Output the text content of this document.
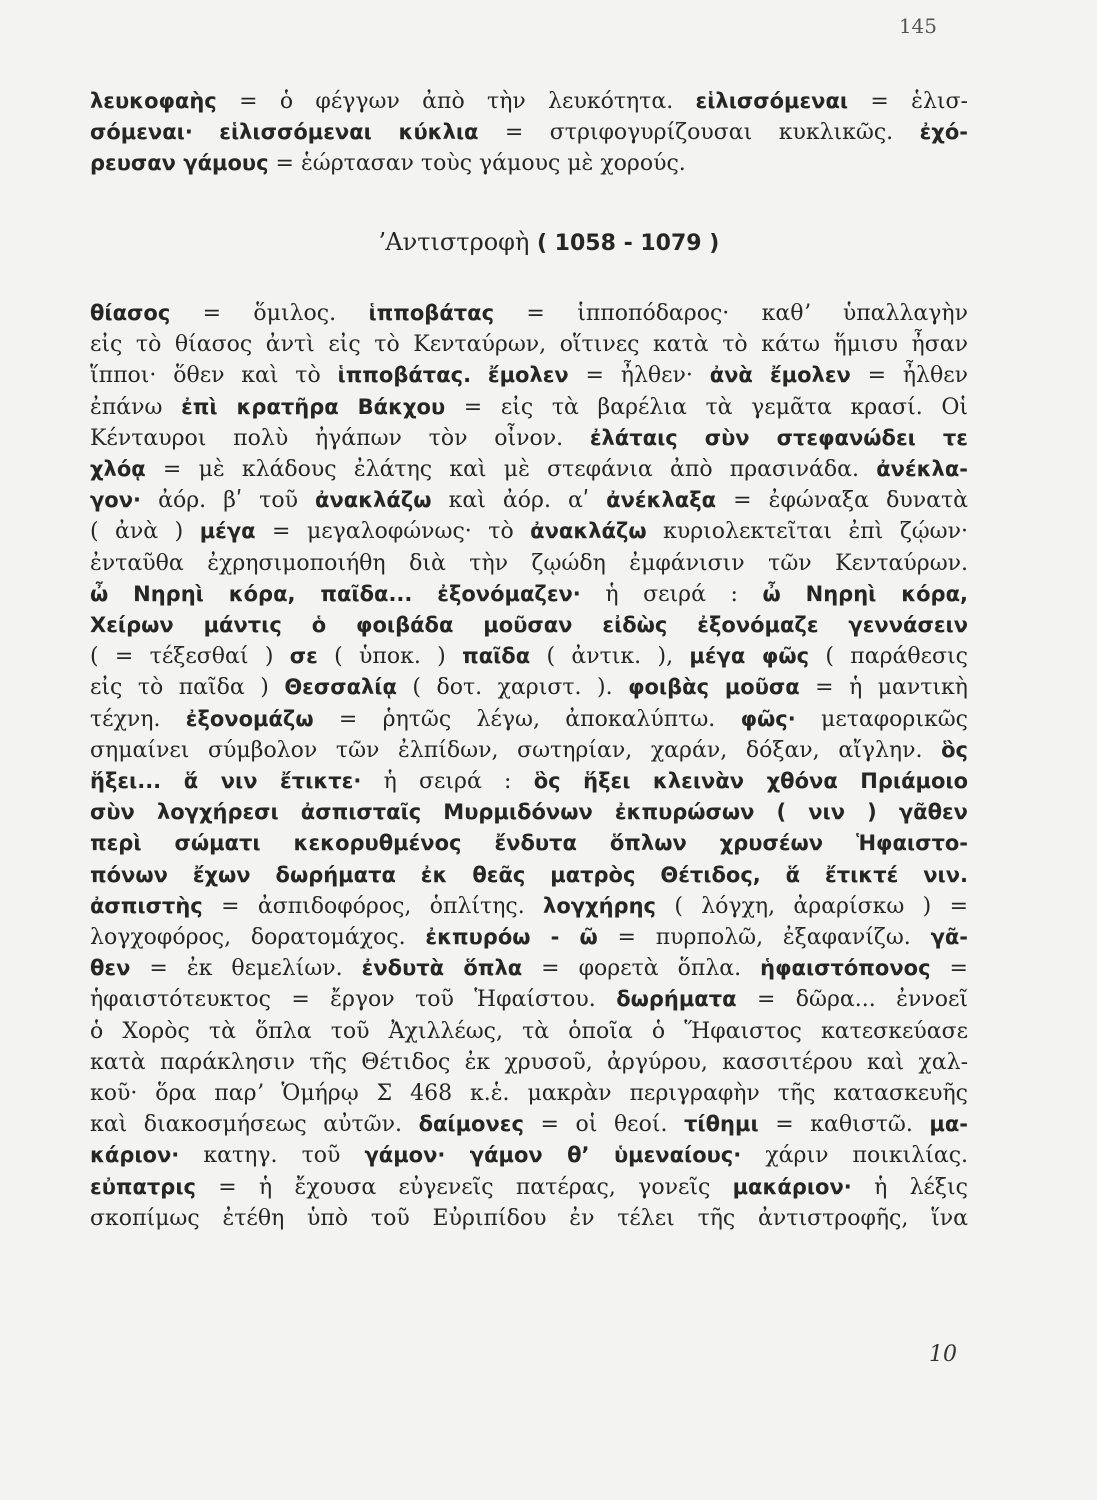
145
λευκοφαὴς = ὁ φέγγων ἀπὸ τὴν λευκότητα. εἱλισσόμεναι = ἑλισ-
σόμεναι· εἱλισσόμεναι κύκλια = στριφογυρίζουσαι κυκλικῶς. ἐχό-
ρευσαν γάμους = ἑώρτασαν τοὺς γάμους μὲ χορούς.
ʼΑντιστροφὴ ( 1058 - 1079 )
θίασος = ὅμιλος. ἱπποβάτας = ἱπποπόδαρος· καθʼ ὑπαλλαγὴν
εἰς τὸ θίασος ἀντὶ εἰς τὸ Κενταύρων, οἵτινες κατὰ τὸ κάτω ἥμισυ ἦσαν
ἵπποι· ὅθεν καὶ τὸ ἱπποβάτας. ἔμολεν = ἦλθεν· ἀνὰ ἔμολεν = ἦλθεν
ἐπάνω ἐπὶ κρατῆρα Βάκχου = εἰς τὰ βαρέλια τὰ γεμᾶτα κρασί. Οἱ
Κένταυροι πολὺ ἠγάπων τὸν οἶνον. ἐλάταις σὺν στεφανώδει τε
χλόᾳ = μὲ κλάδους ἐλάτης καὶ μὲ στεφάνια ἀπὸ πρασινάδα. ἀνέκλα-
γον· ἀόρ. βʹ τοῦ ἀνακλάζω καὶ ἀόρ. αʹ ἀνέκλαξα = ἐφώναξα δυνατὰ
( ἀνὰ ) μέγα = μεγαλοφώνως· τὸ ἀνακλάζω κυριολεκτεῖται ἐπὶ ζῴων·
ἐνταῦθα ἐχρησιμοποιήθη διὰ τὴν ζῳώδη ἐμφάνισιν τῶν Κενταύρων.
ὦ Νηρηὶ κόρα, παῖδα... ἐξονόμαζεν· ἡ σειρά : ὦ Νηρηὶ κόρα,
Χείρων μάντις ὁ φοιβάδα μοῦσαν εἰδὼς ἐξονόμαζε γεννάσειν
( = τέξεσθαί ) σε ( ὑποκ. ) παῖδα ( ἀντικ. ), μέγα φῶς ( παράθεσις
εἰς τὸ παῖδα ) Θεσσαλίᾳ ( δοτ. χαριστ. ). φοιβὰς μοῦσα = ἡ μαντικὴ
τέχνη. ἐξονομάζω = ῥητῶς λέγω, ἀποκαλύπτω. φῶς· μεταφορικῶς
σημαίνει σύμβολον τῶν ἐλπίδων, σωτηρίαν, χαράν, δόξαν, αἴγλην. ὃς
ἥξει... ἅ νιν ἔτικτε· ἡ σειρά : ὃς ἥξει κλεινὰν χθόνα Πριάμοιο
σὺν λογχήρεσι ἀσπισταῖς Μυρμιδόνων ἐκπυρώσων ( νιν ) γᾶθεν
περὶ σώματι κεκορυθμένος ἔνδυτα ὅπλων χρυσέων Ἡφαιστο-
πόνων ἔχων δωρήματα ἐκ θεᾶς ματρὸς Θέτιδος, ἅ ἔτικτέ νιν.
ἀσπιστὴς = ἀσπιδοφόρος, ὁπλίτης. λογχήρης ( λόγχη, ἀραρίσκω ) =
λογχοφόρος, δορατομάχος. ἐκπυρόω - ῶ = πυρπολῶ, ἐξαφανίζω. γᾶ-
θεν = ἐκ θεμελίων. ἐνδυτὰ ὅπλα = φορετὰ ὅπλα. ἡφαιστόπονος =
ἡφαιστότευκτος = ἔργον τοῦ Ἡφαίστου. δωρήματα = δῶρα... ἐννοεῖ
ὁ Χορὸς τὰ ὅπλα τοῦ Ἀχιλλέως, τὰ ὁποῖα ὁ Ἥφαιστος κατεσκεύασε
κατὰ παράκλησιν τῆς Θέτιδος ἐκ χρυσοῦ, ἀργύρου, κασσιτέρου καὶ χαλ-
κοῦ· ὅρα παρʼ Ὁμήρῳ Σ 468 κ.ἑ. μακρὰν περιγραφὴν τῆς κατασκευῆς
καὶ διακοσμήσεως αὐτῶν. δαίμονες = οἱ θεοί. τίθημι = καθιστῶ. μα-
κάριον· κατηγ. τοῦ γάμον· γάμον θʼ ὑμεναίους· χάριν ποικιλίας.
εὐπατρις = ἡ ἔχουσα εὐγενεῖς πατέρας, γονεῖς μακάριον· ἡ λέξις
σκοπίμως ἐτέθη ὑπὸ τοῦ Εὐριπίδου ἐν τέλει τῆς ἀντιστροφῆς, ἵνα
10
